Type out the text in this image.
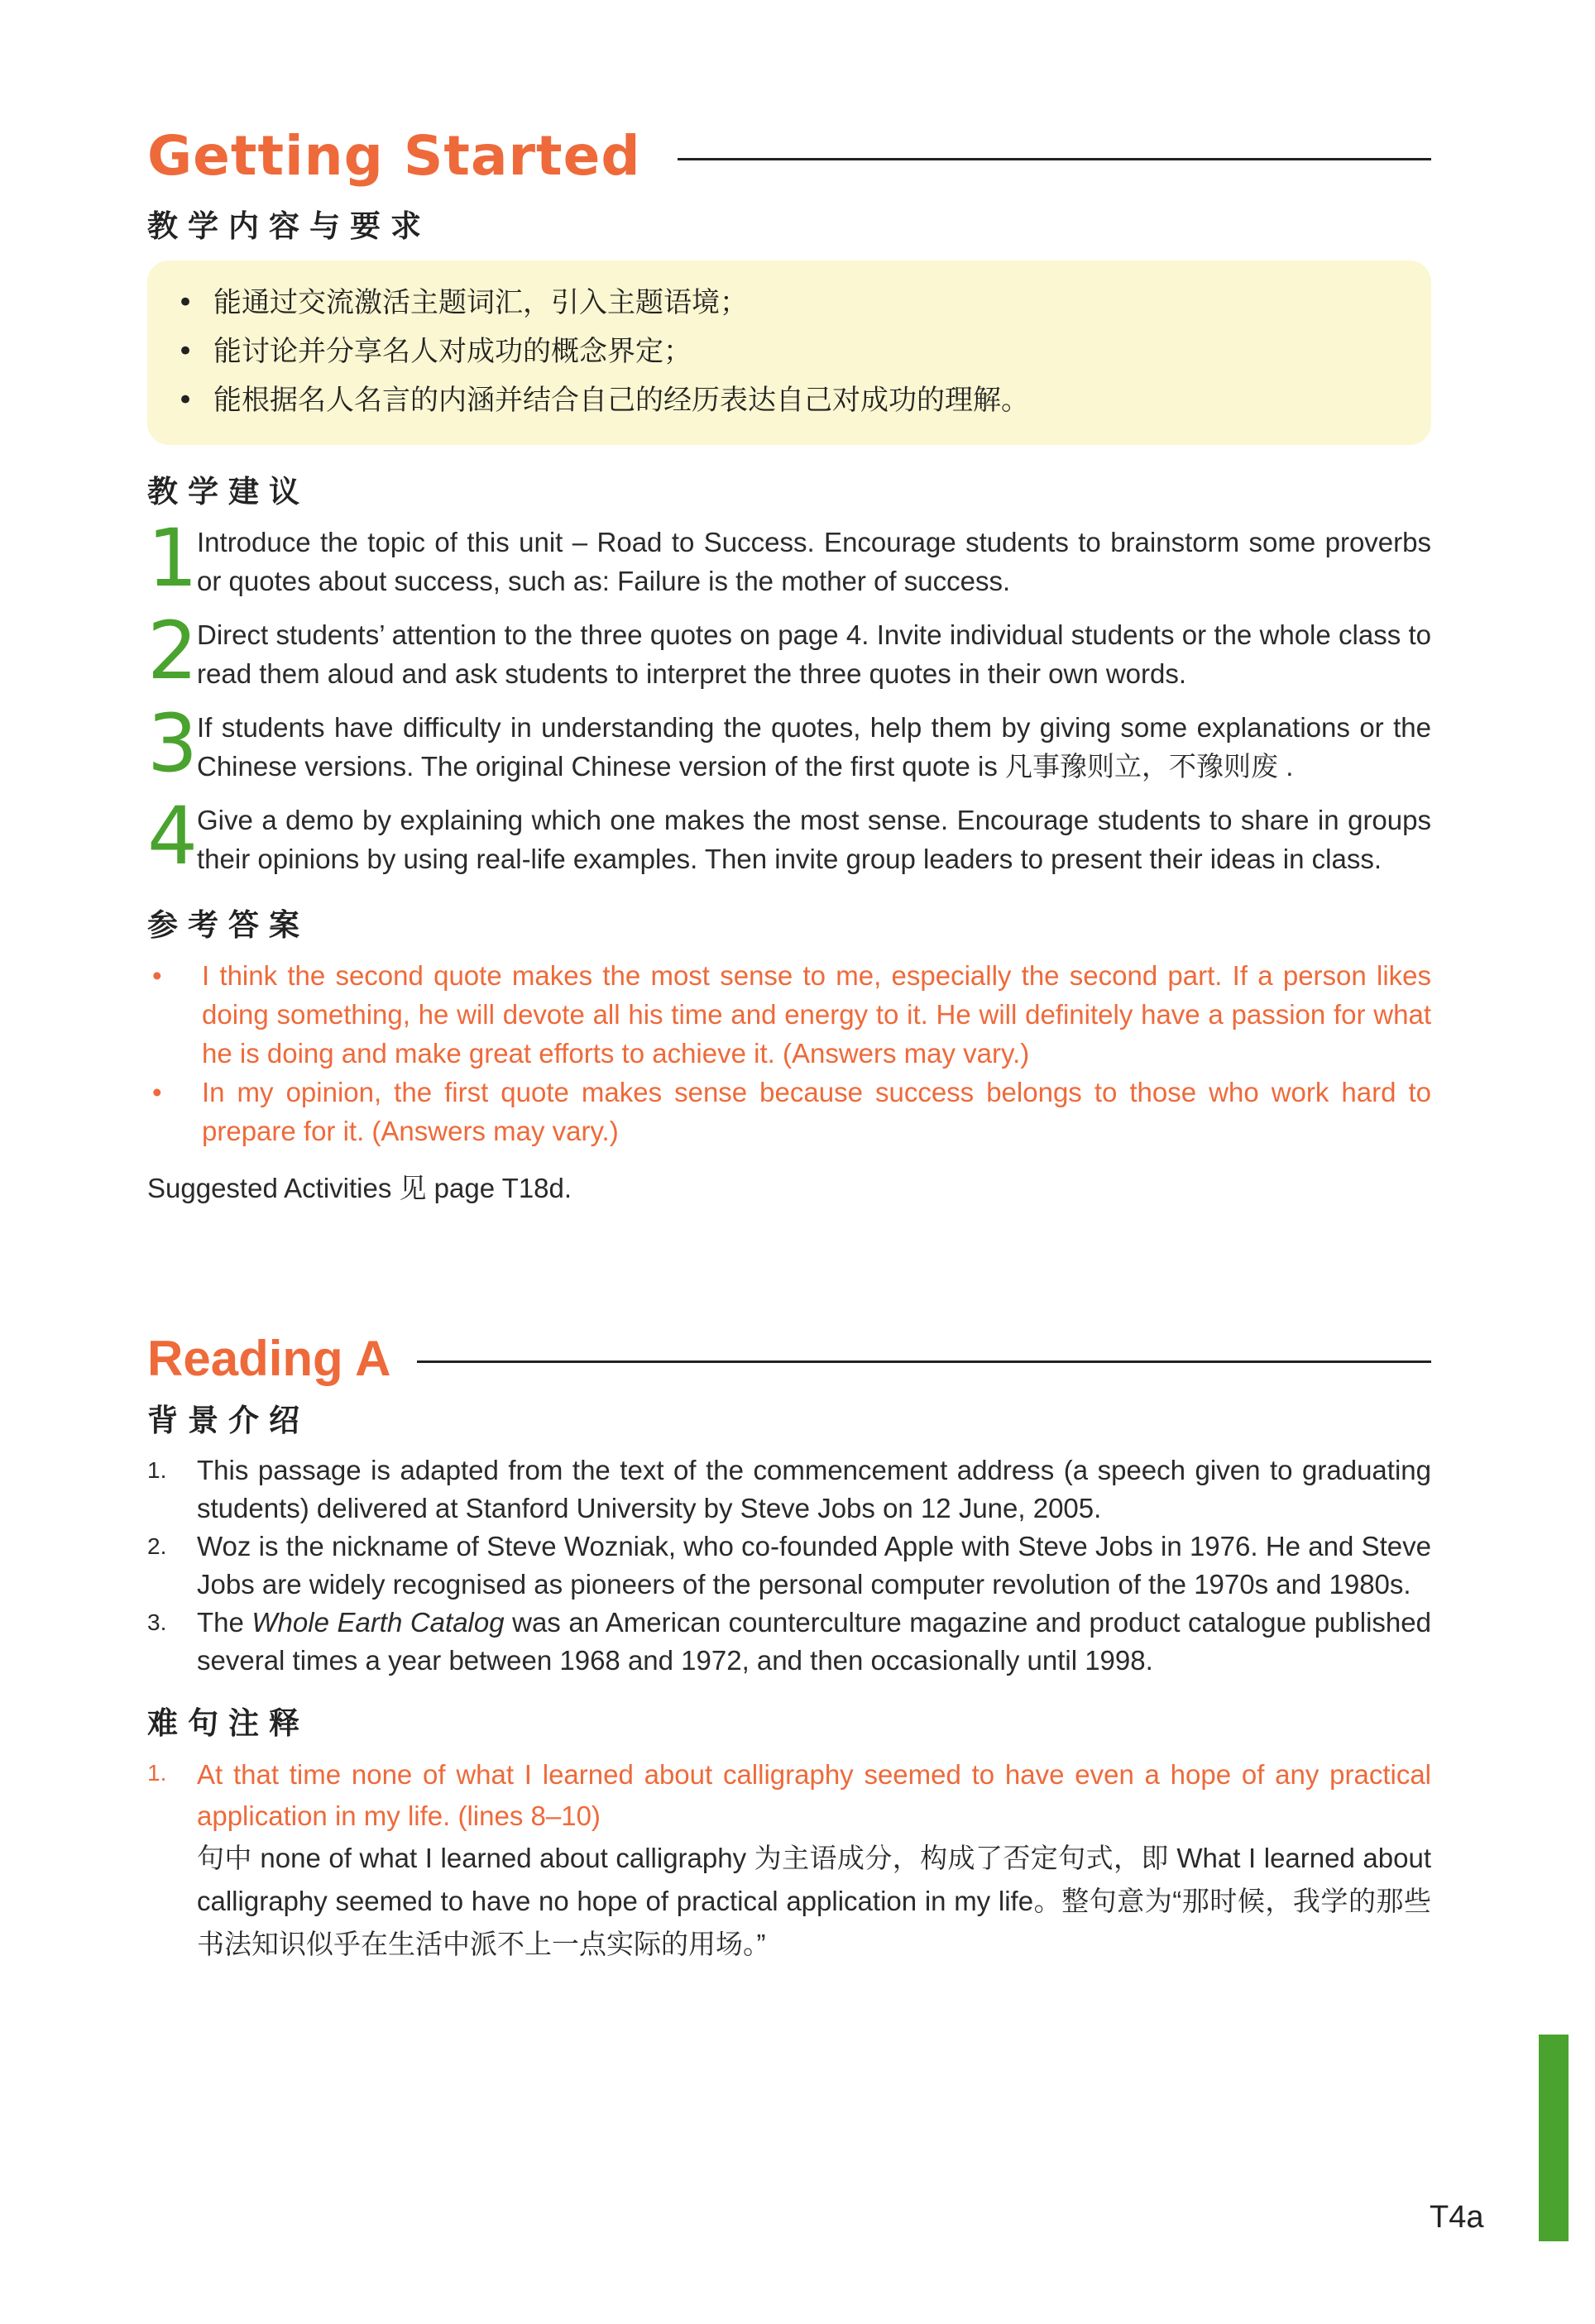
Getting Started
教学内容与要求
• 能通过交流激活主题词汇，引入主题语境；
• 能讨论并分享名人对成功的概念界定；
• 能根据名人名言的内涵并结合自己的经历表达自己对成功的理解。
教学建议
1
Introduce the topic of this unit – Road to Success. Encourage students to brainstorm some proverbs or quotes about success, such as: Failure is the mother of success.
2
Direct students’ attention to the three quotes on page 4. Invite individual students or the whole class to read them aloud and ask students to interpret the three quotes in their own words.
3
If students have difficulty in understanding the quotes, help them by giving some explanations or the Chinese versions. The original Chinese version of the first quote is 凡事豫则立，不豫则废 .
4
Give a demo by explaining which one makes the most sense. Encourage students to share in groups their opinions by using real-life examples. Then invite group leaders to present their ideas in class.
参考答案
• I think the second quote makes the most sense to me, especially the second part. If a person likes doing something, he will devote all his time and energy to it. He will definitely have a passion for what he is doing and make great efforts to achieve it. (Answers may vary.)
• In my opinion, the first quote makes sense because success belongs to those who work hard to prepare for it. (Answers may vary.)
Suggested Activities 见 page T18d.
Reading A
背景介绍
1. This passage is adapted from the text of the commencement address (a speech given to graduating students) delivered at Stanford University by Steve Jobs on 12 June, 2005.
2. Woz is the nickname of Steve Wozniak, who co-founded Apple with Steve Jobs in 1976. He and Steve Jobs are widely recognised as pioneers of the personal computer revolution of the 1970s and 1980s.
3. The Whole Earth Catalog was an American counterculture magazine and product catalogue published several times a year between 1968 and 1972, and then occasionally until 1998.
难句注释
1. At that time none of what I learned about calligraphy seemed to have even a hope of any practical application in my life. (lines 8–10)
句中 none of what I learned about calligraphy 为主语成分，构成了否定句式，即 What I learned about calligraphy seemed to have no hope of practical application in my life。整句意为“那时候，我学的那些书法知识似乎在生活中派不上一点实际的用场。”
T4a
